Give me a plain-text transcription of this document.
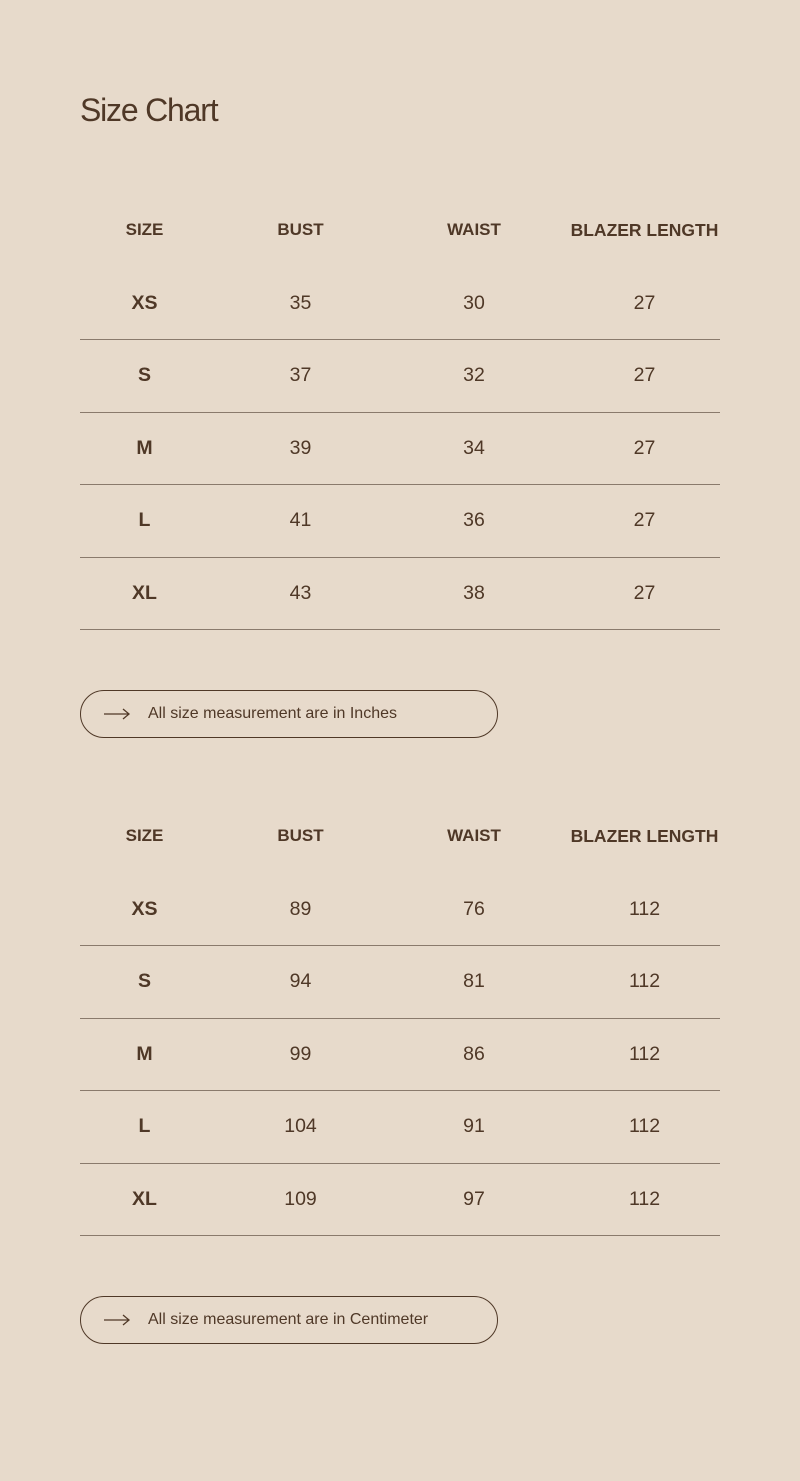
Size Chart
SIZE	BUST	WAIST	BLAZER LENGTH
XS	35	30	27
S	37	32	27
M	39	34	27
L	41	36	27
XL	43	38	27
All size measurement are in Inches
SIZE	BUST	WAIST	BLAZER LENGTH
XS	89	76	112
S	94	81	112
M	99	86	112
L	104	91	112
XL	109	97	112
All size measurement are in Centimeter
